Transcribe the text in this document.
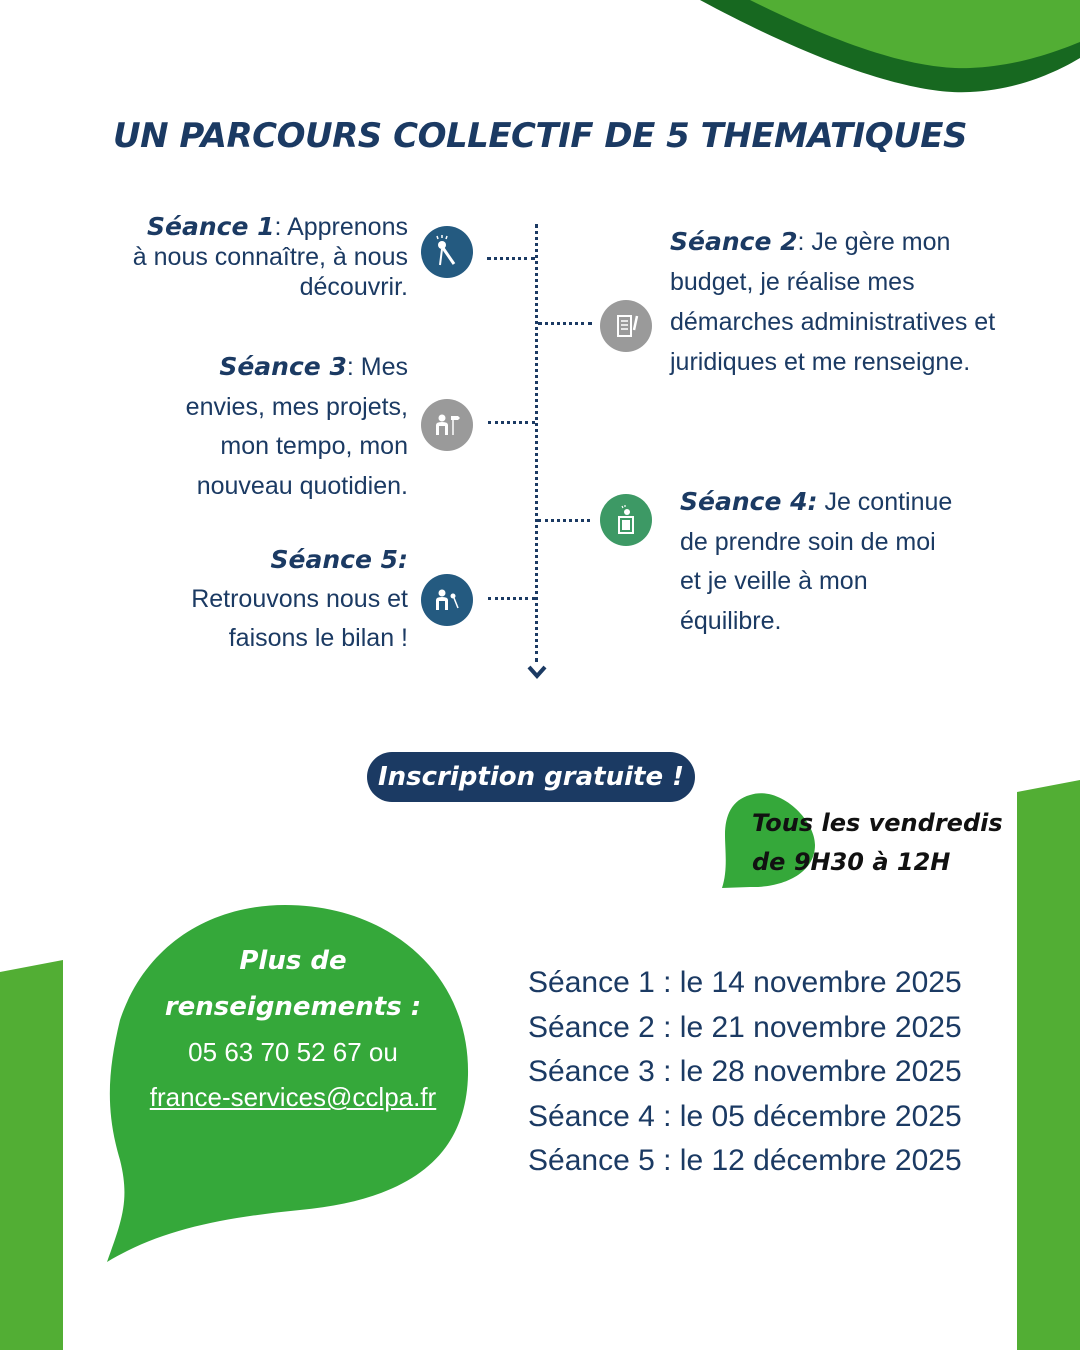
UN PARCOURS COLLECTIF DE 5 THEMATIQUES
Séance 1: Apprenons à nous connaître, à nous découvrir.
Séance 2: Je gère mon budget, je réalise mes démarches administratives et juridiques et me renseigne.
Séance 3: Mes envies, mes projets, mon tempo, mon nouveau quotidien.
Séance 4: Je continue de prendre soin de moi et je veille à mon équilibre.
Séance 5:
Retrouvons nous et faisons le bilan !
Inscription gratuite !
Tous les vendredis
de 9H30 à 12H
Plus de
renseignements :
05 63 70 52 67 ou
france-services@cclpa.fr
Séance 1 : le 14 novembre 2025
Séance 2 : le 21 novembre 2025
Séance 3 : le 28 novembre 2025
Séance 4 : le 05 décembre 2025
Séance 5 : le 12 décembre 2025
